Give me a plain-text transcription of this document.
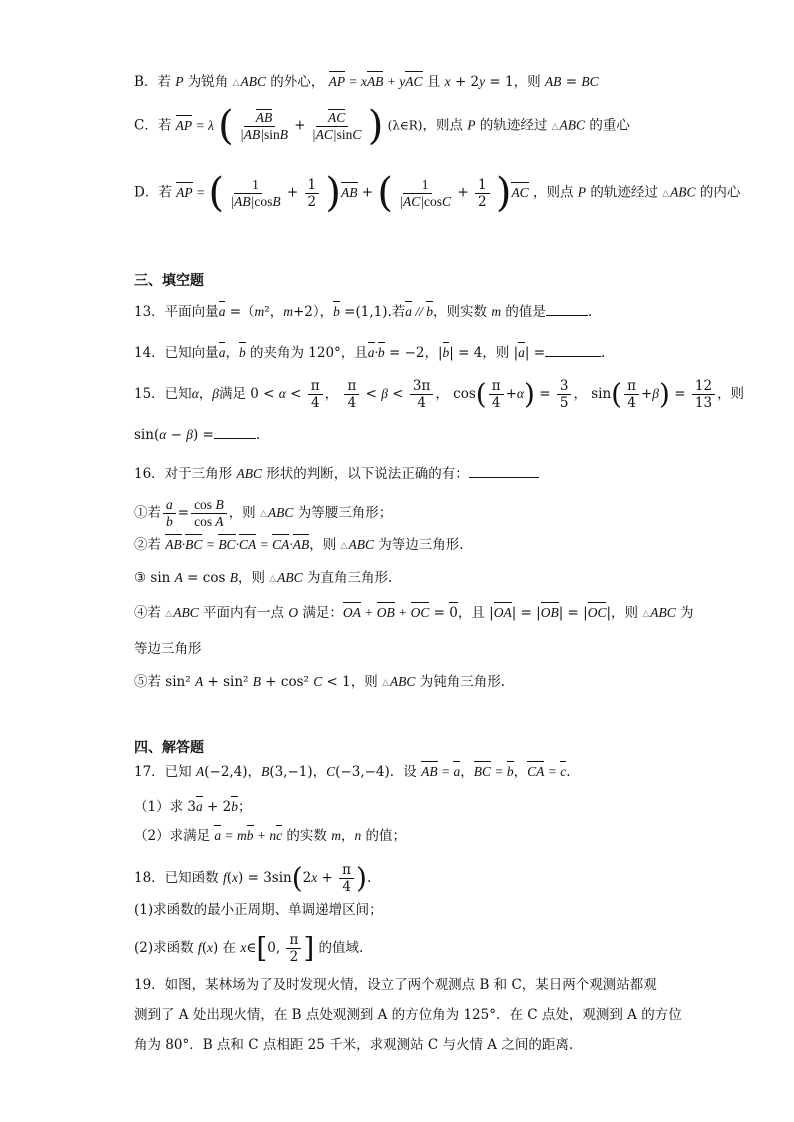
B．若 P 为锐角 △ABC 的外心， AP = xAB + yAC 且 x + 2y = 1，则 AB = BC
C．若 AP = λ ( $\frac{AB}{|AB|\sin B} + \frac{AC}{|AC|\sin C}$ ) (λ∈R)，则点 P 的轨迹经过 △ABC 的重心
D．若 AP = ( $\frac{1}{|AB|\cos B} + \frac{1}{2} )AB$ + ( $\frac{1}{|AC|\cos C} + \frac{1}{2} )AC$ ，则点 P 的轨迹经过 △ABC 的内心
三、填空题
13．平面向量a =（m²，m+2），b =(1,1).若a // b，则实数 m 的值是	.
14．已知向量a，b 的夹角为 120°，且a·b = −2，|b| = 4，则 |a| =	.
15．已知α，β满足 $0 < \alpha < \frac{\pi}{4}$ ， $\frac{\pi}{4} < \beta < \frac{3\pi}{4}$ ， $\cos( \frac{\pi}{4} +\alpha) = \frac{3}{5}$ ， $\sin( \frac{\pi}{4} +\beta) = \frac{12}{13}$ ，则
sin(α − β) =	.
16．对于三角形 ABC 形状的判断，以下说法正确的有：
①若 $\frac{a}{b} = \frac{\text{cos B}}{\text{cos A}}$ ，则 △ABC 为等腰三角形；
②若 AB·BC = BC·CA = CA·AB，则 △ABC 为等边三角形.
③ sin A = cos B，则 △ABC 为直角三角形.
④若 △ABC 平面内有一点 O 满足：OA + OB + OC = 0，且 |OA| = |OB| = |OC|，则 △ABC 为
等边三角形
⑤若 sin² A + sin² B + cos² C < 1，则 △ABC 为钝角三角形.
四、解答题
17．已知 A(−2,4)，B(3,−1)，C(−3,−4)．设 AB = a，BC = b，CA = c.
（1）求 3a + 2b；
（2）求满足 a = mb + nc 的实数 m，n 的值；
18．已知函数 $f(x) = 3\sin(2x + \frac{\pi}{4}$ ).
(1)求函数的最小正周期、单调递增区间；
(2)求函数 f(x) 在 x∈[0, $\frac{\pi}{2}$ ] 的值域.
19．如图，某林场为了及时发现火情，设立了两个观测点 B 和 C，某日两个观测站都观
测到了 A 处出现火情，在 B 点处观测到 A 的方位角为 125°．在 C 点处，观测到 A 的方位
角为 80°．B 点和 C 点相距 25 千米，求观测站 C 与火情 A 之间的距离.
